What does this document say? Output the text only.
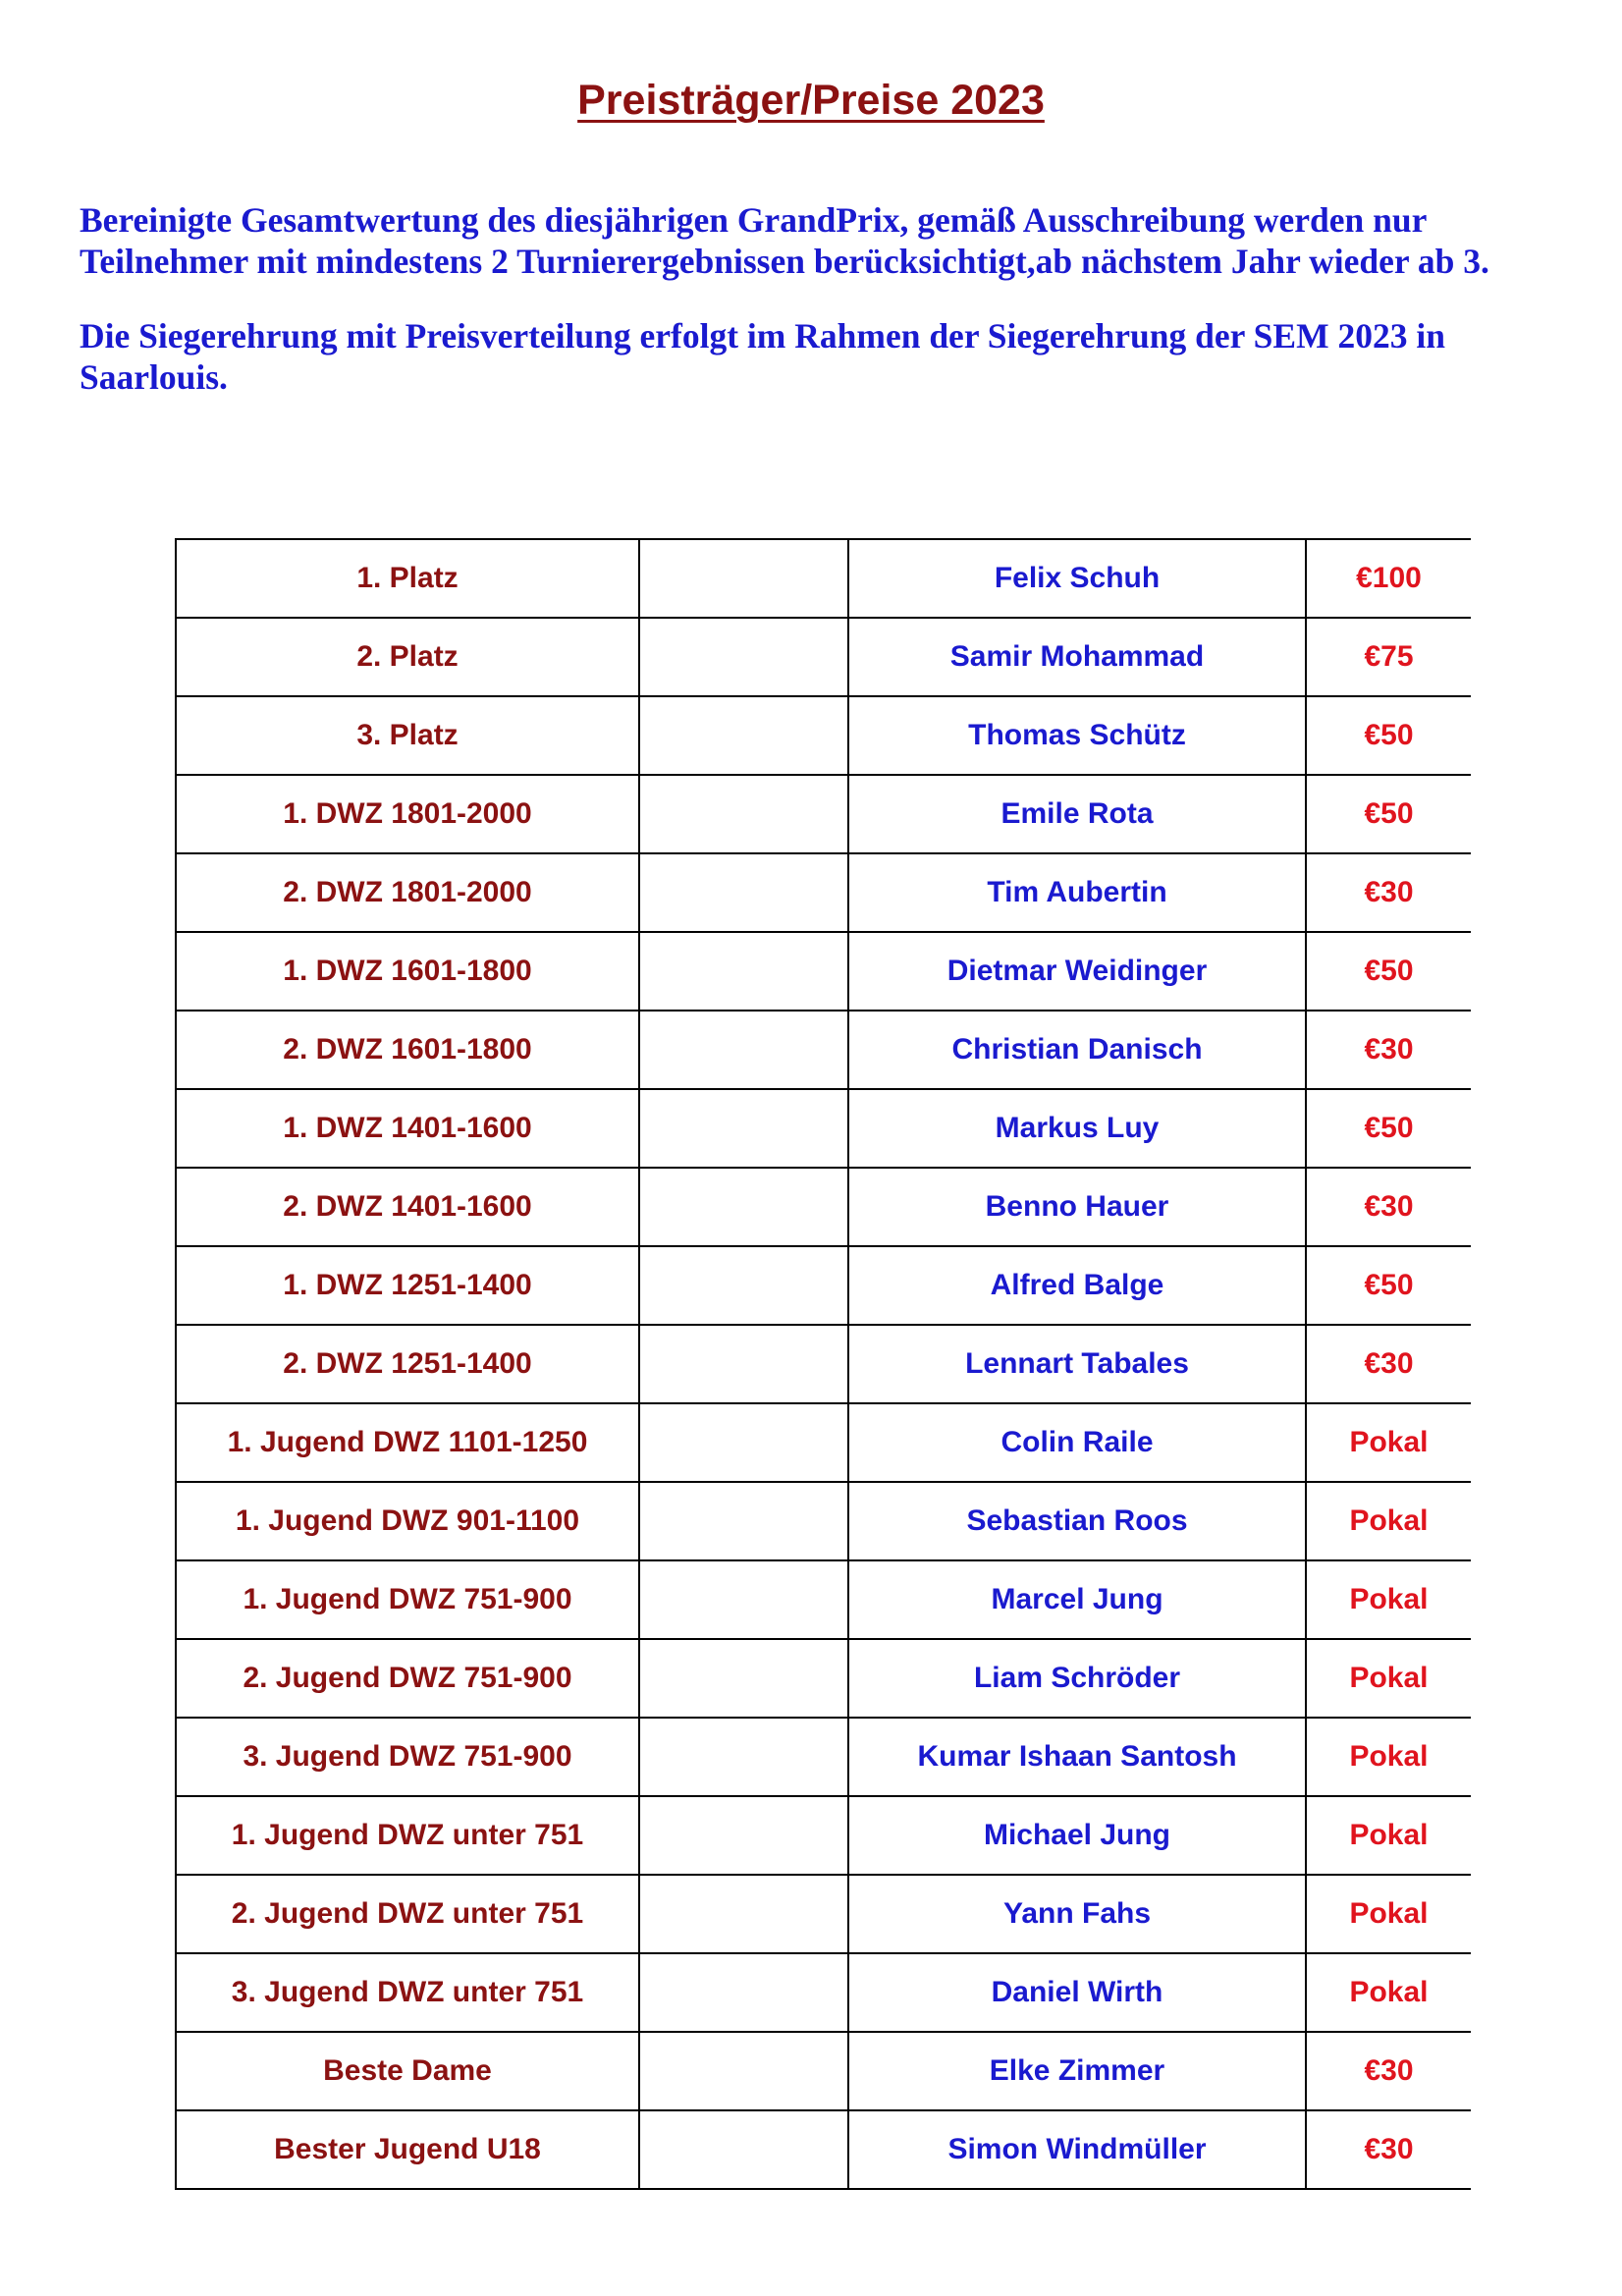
Preisträger/Preise 2023

Bereinigte Gesamtwertung des diesjährigen GrandPrix, gemäß Ausschreibung werden nur Teilnehmer mit mindestens 2 Turnierergebnissen berücksichtigt,ab nächstem Jahr wieder ab 3.

Die Siegerehrung mit Preisverteilung erfolgt im Rahmen der Siegerehrung der SEM 2023 in Saarlouis.

1. Platz		Felix Schuh	€100
2. Platz		Samir Mohammad	€75
3. Platz		Thomas Schütz	€50
1. DWZ 1801-2000		Emile Rota	€50
2. DWZ 1801-2000		Tim Aubertin	€30
1. DWZ 1601-1800		Dietmar Weidinger	€50
2. DWZ 1601-1800		Christian Danisch	€30
1. DWZ 1401-1600		Markus Luy	€50
2. DWZ 1401-1600		Benno Hauer	€30
1. DWZ 1251-1400		Alfred Balge	€50
2. DWZ 1251-1400		Lennart Tabales	€30
1. Jugend DWZ 1101-1250		Colin Raile	Pokal
1. Jugend DWZ 901-1100		Sebastian Roos	Pokal
1. Jugend DWZ 751-900		Marcel Jung	Pokal
2. Jugend DWZ 751-900		Liam Schröder	Pokal
3. Jugend DWZ 751-900		Kumar Ishaan Santosh	Pokal
1. Jugend DWZ unter 751		Michael Jung	Pokal
2. Jugend DWZ unter 751		Yann Fahs	Pokal
3. Jugend DWZ unter 751		Daniel Wirth	Pokal
Beste Dame		Elke Zimmer	€30
Bester Jugend U18		Simon Windmüller	€30
